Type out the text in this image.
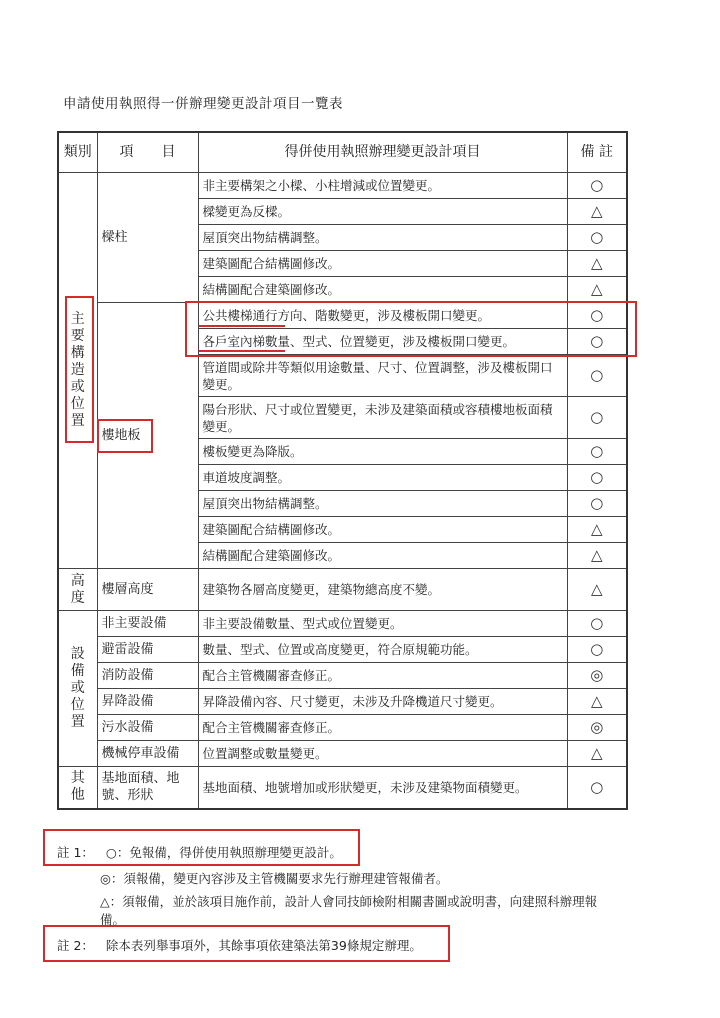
申請使用執照得一併辦理變更設計項目一覽表
類別	項　　目	得併使用執照辦理變更設計項目	備 註
主要構造或位置	樑柱	非主要構架之小樑、小柱增減或位置變更。	○
		樑變更為反樑。	△
		屋頂突出物結構調整。	○
		建築圖配合結構圖修改。	△
		結構圖配合建築圖修改。	△
	樓地板	公共樓梯通行方向、階數變更，涉及樓板開口變更。	○
		各戶室內梯數量、型式、位置變更，涉及樓板開口變更。	○
		管道間或除井等類似用途數量、尺寸、位置調整，涉及樓板開口變更。	○
		陽台形狀、尺寸或位置變更，未涉及建築面積或容積樓地板面積變更。	○
		樓板變更為降版。	○
		車道坡度調整。	○
		屋頂突出物結構調整。	○
		建築圖配合結構圖修改。	△
		結構圖配合建築圖修改。	△
高度	樓層高度	建築物各層高度變更，建築物總高度不變。	△
設備或位置	非主要設備	非主要設備數量、型式或位置變更。	○
	避雷設備	數量、型式、位置或高度變更，符合原規範功能。	○
	消防設備	配合主管機關審查修正。	◎
	昇降設備	昇降設備內容、尺寸變更，未涉及升降機道尺寸變更。	△
	污水設備	配合主管機關審查修正。	◎
	機械停車設備	位置調整或數量變更。	△
其他	基地面積、地號、形狀	基地面積、地號增加或形狀變更，未涉及建築物面積變更。	○
註 1： ○：免報備，得併使用執照辦理變更設計。
◎：須報備，變更內容涉及主管機關要求先行辦理建管報備者。
△：須報備，並於該項目施作前，設計人會同技師檢附相關書圖或說明書，向建照科辦理報備。
註 2： 除本表列舉事項外，其餘事項依建築法第39條規定辦理。
